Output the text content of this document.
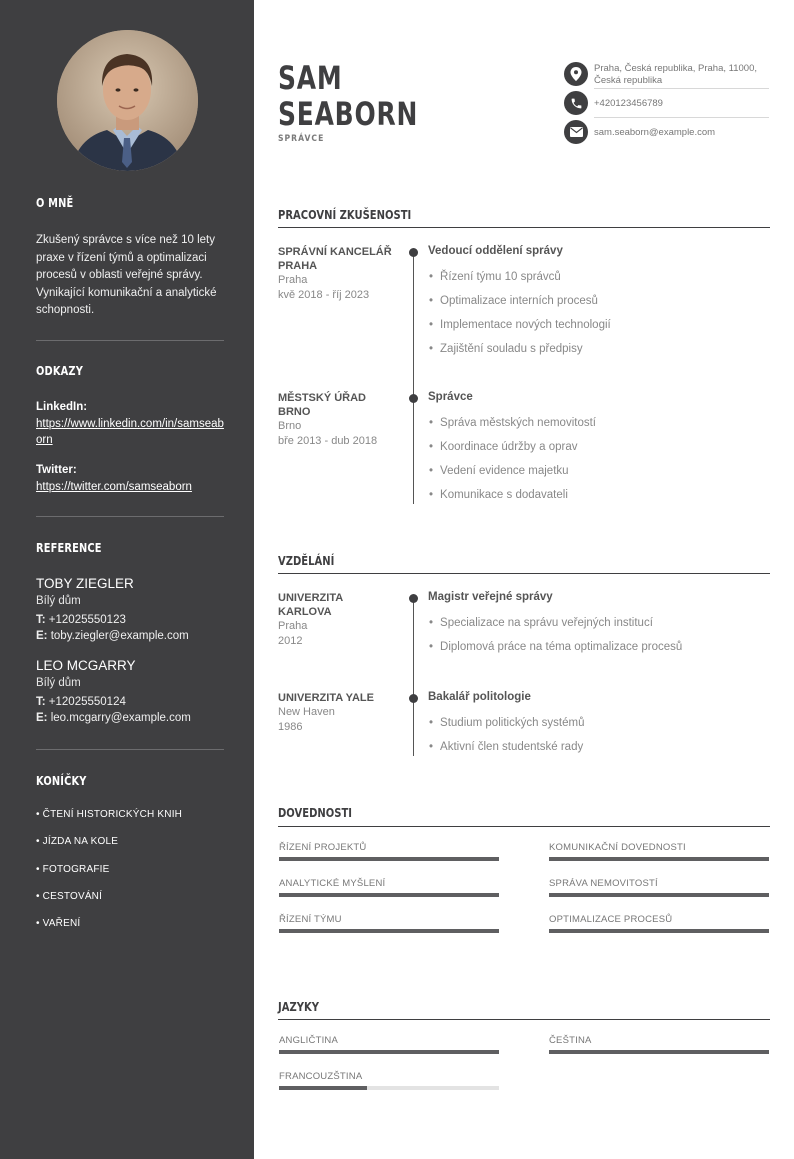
O MNĚ
Zkušený správce s více než 10 lety praxe v řízení týmů a optimalizaci procesů v oblasti veřejné správy. Vynikající komunikační a analytické schopnosti.
ODKAZY
LinkedIn:
https://www.linkedin.com/in/samseaborn
Twitter:
https://twitter.com/samseaborn
REFERENCE
TOBY ZIEGLER
Bílý dům
T: +12025550123
E: toby.ziegler@example.com
LEO MCGARRY
Bílý dům
T: +12025550124
E: leo.mcgarry@example.com
KONÍČKY
• ČTENÍ HISTORICKÝCH KNIH
• JÍZDA NA KOLE
• FOTOGRAFIE
• CESTOVÁNÍ
• VAŘENÍ
SAM
SEABORN
SPRÁVCE
Praha, Česká republika, Praha, 11000, Česká republika
+420123456789
sam.seaborn@example.com
PRACOVNÍ ZKUŠENOSTI
SPRÁVNÍ KANCELÁŘ
PRAHA
Praha
kvě 2018 - říj 2023
Vedoucí oddělení správy
• Řízení týmu 10 správců
• Optimalizace interních procesů
• Implementace nových technologií
• Zajištění souladu s předpisy
MĚSTSKÝ ÚŘAD
BRNO
Brno
bře 2013 - dub 2018
Správce
• Správa městských nemovitostí
• Koordinace údržby a oprav
• Vedení evidence majetku
• Komunikace s dodavateli
VZDĚLÁNÍ
UNIVERZITA
KARLOVA
Praha
2012
Magistr veřejné správy
• Specializace na správu veřejných institucí
• Diplomová práce na téma optimalizace procesů
UNIVERZITA YALE
New Haven
1986
Bakalář politologie
• Studium politických systémů
• Aktivní člen studentské rady
DOVEDNOSTI
ŘÍZENÍ PROJEKTŮ	KOMUNIKAČNÍ DOVEDNOSTI
ANALYTICKÉ MYŠLENÍ	SPRÁVA NEMOVITOSTÍ
ŘÍZENÍ TÝMU	OPTIMALIZACE PROCESŮ
JAZYKY
ANGLIČTINA	ČEŠTINA
FRANCOUZŠTINA
